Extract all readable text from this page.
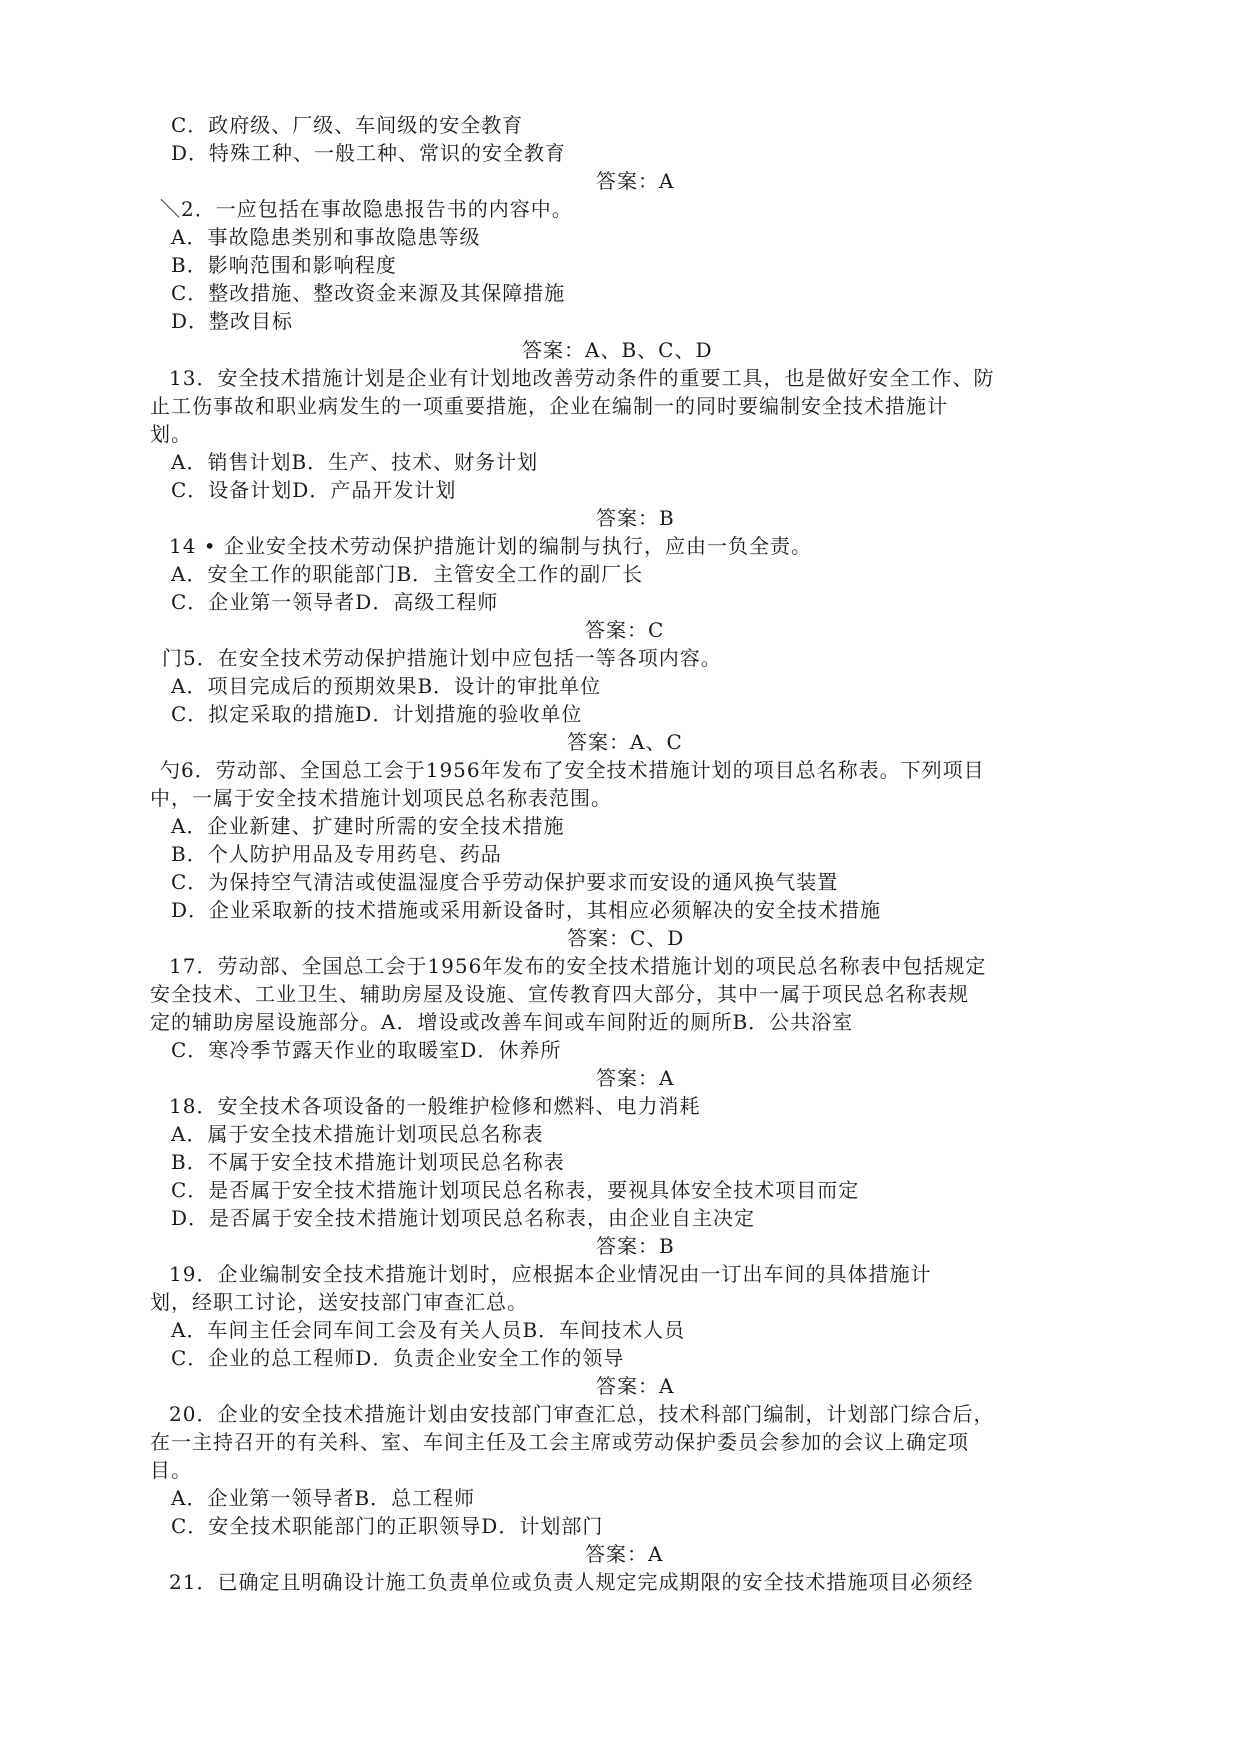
C．政府级、厂级、车间级的安全教育
D．特殊工种、一般工种、常识的安全教育
答案：A
＼2．一应包括在事故隐患报告书的内容中。
A．事故隐患类别和事故隐患等级
B．影响范围和影响程度
C．整改措施、整改资金来源及其保障措施
D．整改目标
答案：A、B、C、D
13．安全技术措施计划是企业有计划地改善劳动条件的重要工具，也是做好安全工作、防
止工伤事故和职业病发生的一项重要措施，企业在编制一的同时要编制安全技术措施计
划。
A．销售计划B．生产、技术、财务计划
C．设备计划D．产品开发计划
答案：B
14 • 企业安全技术劳动保护措施计划的编制与执行，应由一负全责。
A．安全工作的职能部门B．主管安全工作的副厂长
C．企业第一领导者D．高级工程师
答案：C
门5．在安全技术劳动保护措施计划中应包括一等各项内容。
A．项目完成后的预期效果B．设计的审批单位
C．拟定采取的措施D．计划措施的验收单位
答案：A、C
勺6．劳动部、全国总工会于1956年发布了安全技术措施计划的项目总名称表。下列项目
中，一属于安全技术措施计划项民总名称表范围。
A．企业新建、扩建时所需的安全技术措施
B．个人防护用品及专用药皂、药品
C．为保持空气清洁或使温湿度合乎劳动保护要求而安设的通风换气装置
D．企业采取新的技术措施或采用新设备时，其相应必须解决的安全技术措施
答案：C、D
17．劳动部、全国总工会于1956年发布的安全技术措施计划的项民总名称表中包括规定
安全技术、工业卫生、辅助房屋及设施、宣传教育四大部分，其中一属于项民总名称表规
定的辅助房屋设施部分。A．增设或改善车间或车间附近的厕所B．公共浴室
C．寒冷季节露天作业的取暖室D．休养所
答案：A
18．安全技术各项设备的一般维护检修和燃料、电力消耗
A．属于安全技术措施计划项民总名称表
B．不属于安全技术措施计划项民总名称表
C．是否属于安全技术措施计划项民总名称表，要视具体安全技术项目而定
D．是否属于安全技术措施计划项民总名称表，由企业自主决定
答案：B
19．企业编制安全技术措施计划时，应根据本企业情况由一订出车间的具体措施计
划，经职工讨论，送安技部门审查汇总。
A．车间主任会同车间工会及有关人员B．车间技术人员
C．企业的总工程师D．负责企业安全工作的领导
答案：A
20．企业的安全技术措施计划由安技部门审查汇总，技术科部门编制，计划部门综合后，
在一主持召开的有关科、室、车间主任及工会主席或劳动保护委员会参加的会议上确定项
目。
A．企业第一领导者B．总工程师
C．安全技术职能部门的正职领导D．计划部门
答案：A
21．已确定且明确设计施工负责单位或负责人规定完成期限的安全技术措施项目必须经
